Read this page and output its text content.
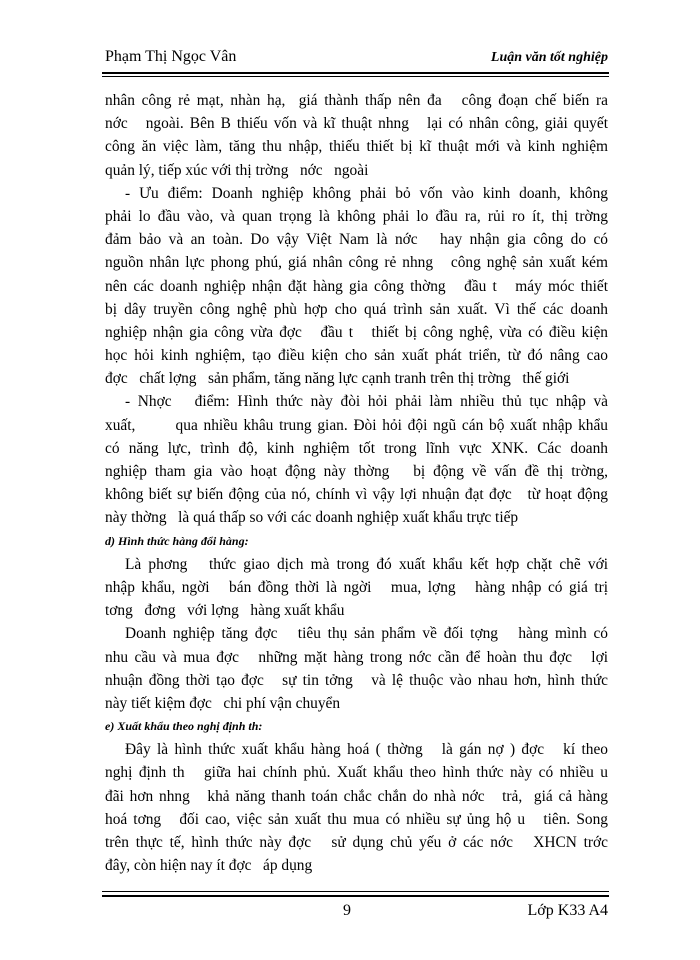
Phạm Thị Ngọc Vân	Luận văn tốt nghiệp
nhân công rẻ mạt, nhàn hạ,  giá thành thấp nên đa   công đoạn chế biến ra
nớc   ngoài. Bên B thiếu vốn và kĩ thuật nhng   lại có nhân công, giải quyết
công ăn việc làm, tăng thu nhập, thiếu thiết bị kĩ thuật mới và kinh nghiệm
quản lý, tiếp xúc với thị trờng   nớc   ngoài
- Ưu điểm: Doanh nghiệp không phải bỏ vốn vào kinh doanh, không
phải lo đầu vào, và quan trọng là không phải lo đầu ra, rủi ro ít, thị trờng
đảm bảo và an toàn. Do vậy Việt Nam là nớc   hay nhận gia công do có
nguồn nhân lực phong phú, giá nhân công rẻ nhng   công nghệ sản xuất kém
nên các doanh nghiệp nhận đặt hàng gia công thờng   đầu t   máy móc thiết
bị dây truyền công nghệ phù hợp cho quá trình sản xuất. Vì thế các doanh
nghiệp nhận gia công vừa đợc   đầu t   thiết bị công nghệ, vừa có điều kiện
học hỏi kinh nghiệm, tạo điều kiện cho sản xuất phát triển, từ đó nâng cao
đợc   chất lợng   sản phẩm, tăng năng lực cạnh tranh trên thị trờng   thế giới
- Nhợc   điểm: Hình thức này đòi hỏi phải làm nhiều thủ tục nhập và
xuất,       qua nhiều khâu trung gian. Đòi hỏi đội ngũ cán bộ xuất nhập khẩu
có năng lực, trình độ, kinh nghiệm tốt trong lĩnh vực XNK. Các doanh
nghiệp tham gia vào hoạt động này thờng   bị động về vấn đề thị trờng,
không biết sự biến động của nó, chính vì vậy lợi nhuận đạt đợc   từ hoạt động
này thờng   là quá thấp so với các doanh nghiệp xuất khẩu trực tiếp
d) Hình thức hàng đổi hàng:
Là phơng   thức giao dịch mà trong đó xuất khẩu kết hợp chặt chẽ với
nhập khẩu, ngời   bán đồng thời là ngời   mua, lợng   hàng nhập có giá trị
tơng   đơng   với lợng   hàng xuất khẩu
Doanh nghiệp tăng đợc   tiêu thụ sản phẩm về đối tợng   hàng mình có
nhu cầu và mua đợc   những mặt hàng trong nớc cần để hoàn thu đợc   lợi
nhuận đồng thời tạo đợc   sự tin tởng   và lệ thuộc vào nhau hơn, hình thức
này tiết kiệm đợc   chi phí vận chuyển
e) Xuất khẩu theo nghị định th:
Đây là hình thức xuất khẩu hàng hoá ( thờng   là gán nợ ) đợc   kí theo
nghị định th   giữa hai chính phủ. Xuất khẩu theo hình thức này có nhiều u
đãi hơn nhng   khả năng thanh toán chắc chắn do nhà nớc   trả,  giá cả hàng
hoá tơng   đối cao, việc sản xuất thu mua có nhiều sự ủng hộ u   tiên. Song
trên thực tế, hình thức này đợc   sử dụng chủ yếu ở các nớc   XHCN trớc
đây, còn hiện nay ít đợc   áp dụng
9	Lớp K33 A4
